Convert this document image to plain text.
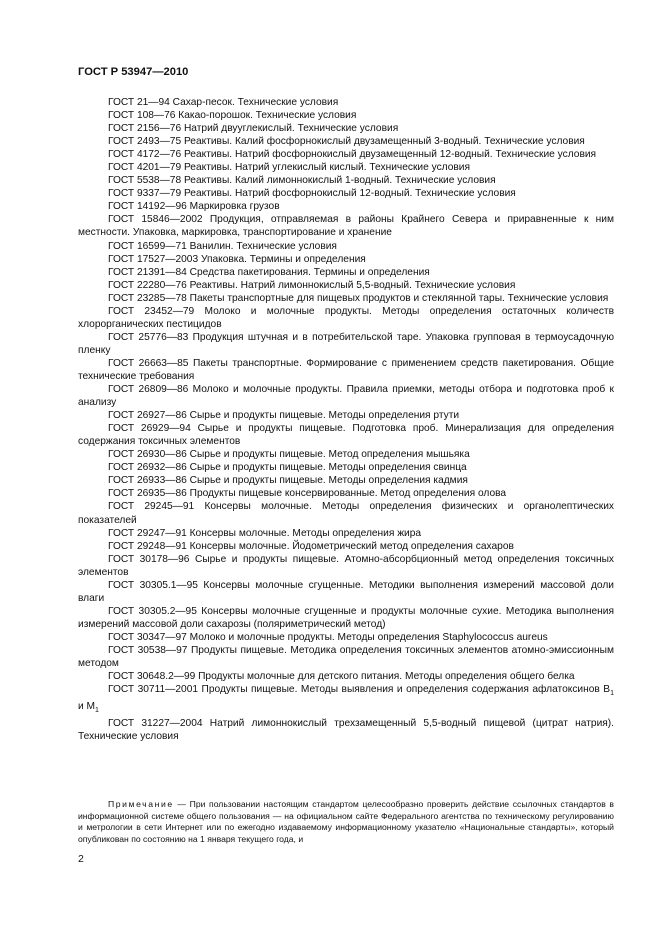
ГОСТ Р 53947—2010

ГОСТ 21—94 Сахар-песок. Технические условия

ГОСТ 108—76 Какао-порошок. Технические условия

ГОСТ 2156—76 Натрий двууглекислый. Технические условия

ГОСТ 2493—75 Реактивы. Калий фосфорнокислый двузамещенный 3-водный. Технические условия

ГОСТ 4172—76 Реактивы. Натрий фосфорнокислый двузамещенный 12-водный. Технические условия

ГОСТ 4201—79 Реактивы. Натрий углекислый кислый. Технические условия

ГОСТ 5538—78 Реактивы. Калий лимоннокислый 1-водный. Технические условия

ГОСТ 9337—79 Реактивы. Натрий фосфорнокислый 12-водный. Технические условия

ГОСТ 14192—96 Маркировка грузов

ГОСТ 15846—2002 Продукция, отправляемая в районы Крайнего Севера и приравненные к ним местности. Упаковка, маркировка, транспортирование и хранение

ГОСТ 16599—71 Ванилин. Технические условия

ГОСТ 17527—2003 Упаковка. Термины и определения

ГОСТ 21391—84 Средства пакетирования. Термины и определения

ГОСТ 22280—76 Реактивы. Натрий лимоннокислый 5,5-водный. Технические условия

ГОСТ 23285—78 Пакеты транспортные для пищевых продуктов и стеклянной тары. Технические условия

ГОСТ 23452—79 Молоко и молочные продукты. Методы определения остаточных количеств хлорорганических пестицидов

ГОСТ 25776—83 Продукция штучная и в потребительской таре. Упаковка групповая в термоусадочную пленку

ГОСТ 26663—85 Пакеты транспортные. Формирование с применением средств пакетирования. Общие технические требования

ГОСТ 26809—86 Молоко и молочные продукты. Правила приемки, методы отбора и подготовка проб к анализу

ГОСТ 26927—86 Сырье и продукты пищевые. Методы определения ртути

ГОСТ 26929—94 Сырье и продукты пищевые. Подготовка проб. Минерализация для определения содержания токсичных элементов

ГОСТ 26930—86 Сырье и продукты пищевые. Метод определения мышьяка

ГОСТ 26932—86 Сырье и продукты пищевые. Методы определения свинца

ГОСТ 26933—86 Сырье и продукты пищевые. Методы определения кадмия

ГОСТ 26935—86 Продукты пищевые консервированные. Метод определения олова

ГОСТ 29245—91 Консервы молочные. Методы определения физических и органолептических показателей

ГОСТ 29247—91 Консервы молочные. Методы определения жира

ГОСТ 29248—91 Консервы молочные. Йодометрический метод определения сахаров

ГОСТ 30178—96 Сырье и продукты пищевые. Атомно-абсорбционный метод определения токсичных элементов

ГОСТ 30305.1—95 Консервы молочные сгущенные. Методики выполнения измерений массовой доли влаги

ГОСТ 30305.2—95 Консервы молочные сгущенные и продукты молочные сухие. Методика выполнения измерений массовой доли сахарозы (поляриметрический метод)

ГОСТ 30347—97 Молоко и молочные продукты. Методы определения Staphylococcus aureus

ГОСТ 30538—97 Продукты пищевые. Методика определения токсичных элементов атомно-эмиссионным методом

ГОСТ 30648.2—99 Продукты молочные для детского питания. Методы определения общего белка

ГОСТ 30711—2001 Продукты пищевые. Методы выявления и определения содержания афлатоксинов $B_1$ и $M_1$

ГОСТ 31227—2004 Натрий лимоннокислый трехзамещенный 5,5-водный пищевой (цитрат натрия). Технические условия

Примечание — При пользовании настоящим стандартом целесообразно проверить действие ссылочных стандартов в информационной системе общего пользования — на официальном сайте Федерального агентства по техническому регулированию и метрологии в сети Интернет или по ежегодно издаваемому информационному указателю «Национальные стандарты», который опубликован по состоянию на 1 января текущего года, и
2
